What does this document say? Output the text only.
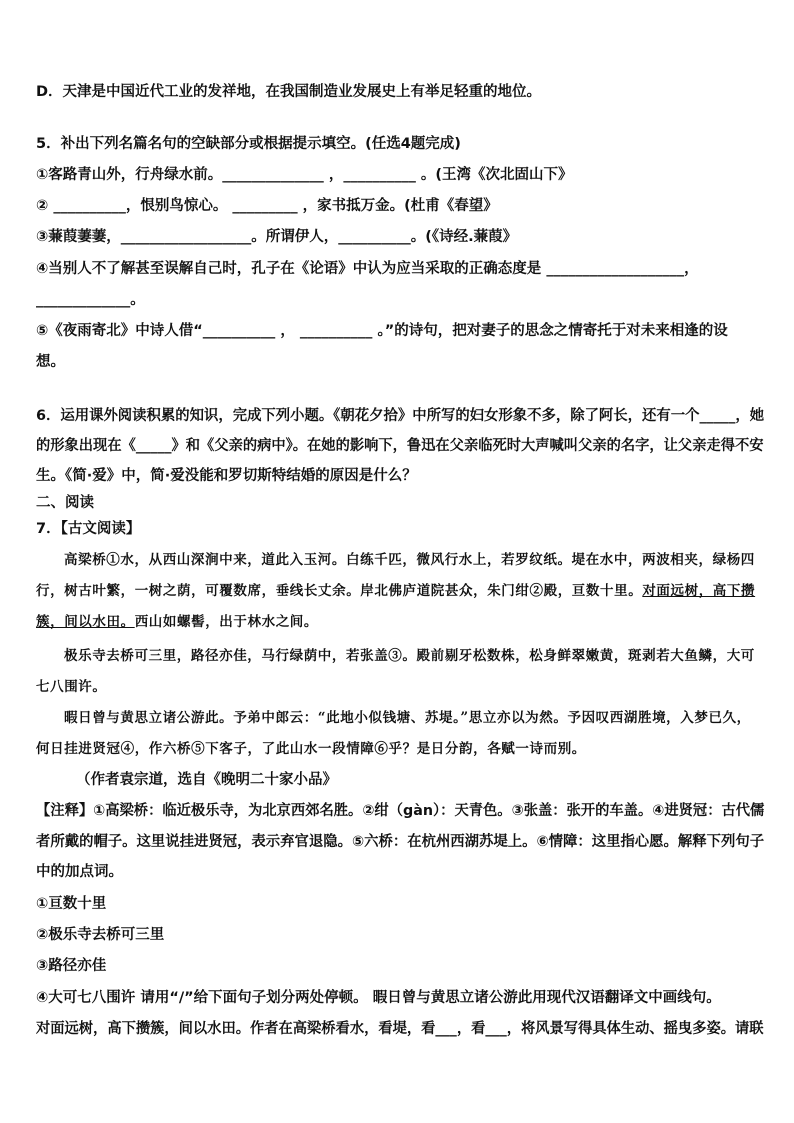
D．天津是中国近代工业的发祥地，在我国制造业发展史上有举足轻重的地位。
5．补出下列名篇名句的空缺部分或根据提示填空。(任选4题完成)
①客路青山外，行舟绿水前。______________ ，__________ 。(王湾《次北固山下》
② __________，恨别鸟惊心。 _________ ，家书抵万金。(杜甫《春望》
③蒹葭萋萋，__________________。所谓伊人，__________。(《诗经.蒹葭》
④当别人不了解甚至误解自己时，孔子在《论语》中认为应当采取的正确态度是 ___________________，
_____________。
⑤《夜雨寄北》中诗人借“__________ ， __________ 。”的诗句，把对妻子的思念之情寄托于对未来相逢的设
想。
6．运用课外阅读积累的知识，完成下列小题。《朝花夕拾》中所写的妇女形象不多，除了阿长，还有一个_____，她
的形象出现在《_____》和《父亲的病中》。在她的影响下，鲁迅在父亲临死时大声喊叫父亲的名字，让父亲走得不安
生。《简·爱》中，简·爱没能和罗切斯特结婚的原因是什么？
二、阅读
7．【古文阅读】
高梁桥①水，从西山深涧中来，道此入玉河。白练千匹，微风行水上，若罗纹纸。堤在水中，两波相夹，绿杨四
行，树古叶繁，一树之荫，可覆数席，垂线长丈余。岸北佛庐道院甚众，朱门绀②殿，亘数十里。对面远树，高下攒
簇，间以水田。西山如螺髻，出于林水之间。
极乐寺去桥可三里，路径亦佳，马行绿荫中，若张盖③。殿前剔牙松数株，松身鲜翠嫩黄，斑剥若大鱼鳞，大可
七八围许。
暇日曾与黄思立诸公游此。予弟中郎云：“此地小似钱塘、苏堤。”思立亦以为然。予因叹西湖胜境，入梦已久，
何日挂进贤冠④，作六桥⑤下客子，了此山水一段情障⑥乎？是日分韵，各赋一诗而别。
（作者袁宗道，选自《晚明二十家小品》
【注释】①高梁桥：临近极乐寺，为北京西郊名胜。②绀（gàn）：天青色。③张盖：张开的车盖。④进贤冠：古代儒
者所戴的帽子。这里说挂进贤冠，表示弃官退隐。⑤六桥：在杭州西湖苏堤上。⑥情障：这里指心愿。解释下列句子
中的加点词。
①亘数十里
②极乐寺去桥可三里
③路径亦佳
④大可七八围许 请用“/”给下面句子划分两处停顿。 暇日曾与黄思立诸公游此用现代汉语翻译文中画线句。
对面远树，高下攒簇，间以水田。作者在高梁桥看水，看堤，看___，看___，将风景写得具体生动、摇曳多姿。请联
